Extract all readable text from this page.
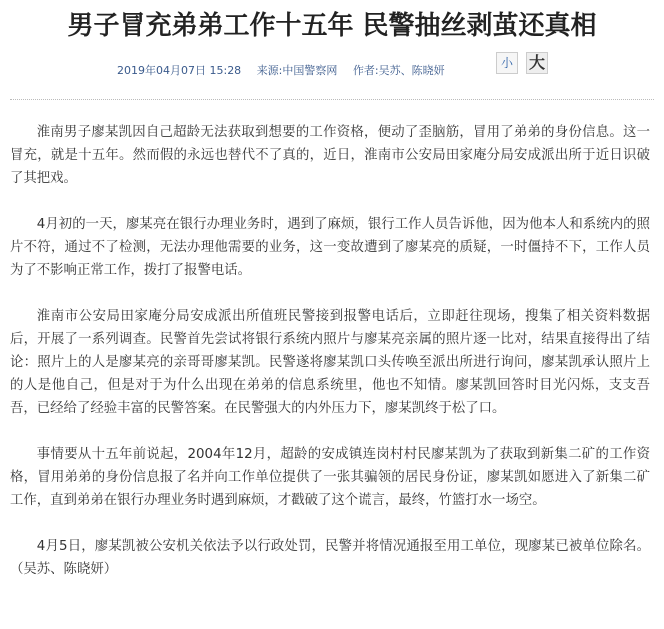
男子冒充弟弟工作十五年 民警抽丝剥茧还真相
2019年04月07日 15:28 来源:中国警察网 作者:吴苏、陈晓妍
小 大

淮南男子廖某凯因自己超龄无法获取到想要的工作资格，便动了歪脑筋，冒用了弟弟的身份信息。这一冒充，就是十五年。然而假的永远也替代不了真的，近日，淮南市公安局田家庵分局安成派出所于近日识破了其把戏。

4月初的一天，廖某亮在银行办理业务时，遇到了麻烦，银行工作人员告诉他，因为他本人和系统内的照片不符，通过不了检测，无法办理他需要的业务，这一变故遭到了廖某亮的质疑，一时僵持不下，工作人员为了不影响正常工作，拨打了报警电话。

淮南市公安局田家庵分局安成派出所值班民警接到报警电话后，立即赶往现场，搜集了相关资料数据后，开展了一系列调查。民警首先尝试将银行系统内照片与廖某亮亲属的照片逐一比对，结果直接得出了结论：照片上的人是廖某亮的亲哥哥廖某凯。民警遂将廖某凯口头传唤至派出所进行询问，廖某凯承认照片上的人是他自己，但是对于为什么出现在弟弟的信息系统里，他也不知情。廖某凯回答时目光闪烁，支支吾吾，已经给了经验丰富的民警答案。在民警强大的内外压力下，廖某凯终于松了口。

事情要从十五年前说起，2004年12月，超龄的安成镇连岗村村民廖某凯为了获取到新集二矿的工作资格，冒用弟弟的身份信息报了名并向工作单位提供了一张其骗领的居民身份证，廖某凯如愿进入了新集二矿工作，直到弟弟在银行办理业务时遇到麻烦，才戳破了这个谎言，最终，竹篮打水一场空。

4月5日，廖某凯被公安机关依法予以行政处罚，民警并将情况通报至用工单位，现廖某已被单位除名。（吴苏、陈晓妍）
